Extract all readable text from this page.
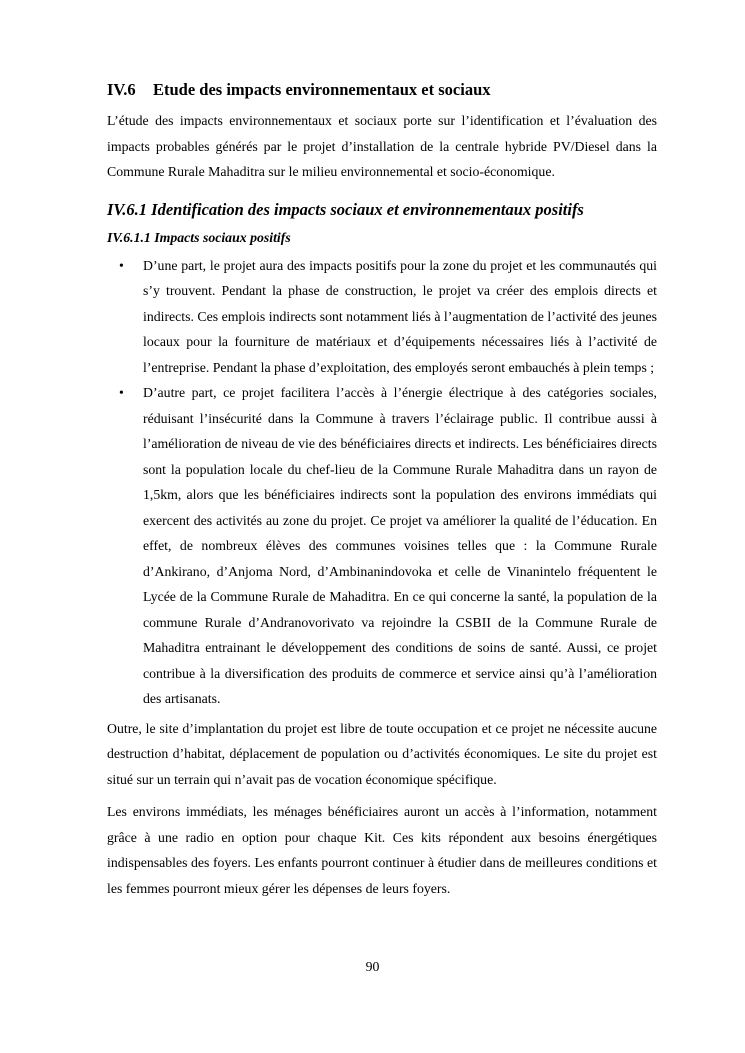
IV.6 Etude des impacts environnementaux et sociaux

L’étude des impacts environnementaux et sociaux porte sur l’identification et l’évaluation des impacts probables générés par le projet d’installation de la centrale hybride PV/Diesel dans la Commune Rurale Mahaditra sur le milieu environnemental et socio-économique.

IV.6.1 Identification des impacts sociaux et environnementaux positifs
IV.6.1.1 Impacts sociaux positifs
• D’une part, le projet aura des impacts positifs pour la zone du projet et les communautés qui s’y trouvent. Pendant la phase de construction, le projet va créer des emplois directs et indirects. Ces emplois indirects sont notamment liés à l’augmentation de l’activité des jeunes locaux pour la fourniture de matériaux et d’équipements nécessaires liés à l’activité de l’entreprise. Pendant la phase d’exploitation, des employés seront embauchés à plein temps ;

• D’autre part, ce projet facilitera l’accès à l’énergie électrique à des catégories sociales, réduisant l’insécurité dans la Commune à travers l’éclairage public. Il contribue aussi à l’amélioration de niveau de vie des bénéficiaires directs et indirects. Les bénéficiaires directs sont la population locale du chef-lieu de la Commune Rurale Mahaditra dans un rayon de 1,5km, alors que les bénéficiaires indirects sont la population des environs immédiats qui exercent des activités au zone du projet. Ce projet va améliorer la qualité de l’éducation. En effet, de nombreux élèves des communes voisines telles que : la Commune Rurale d’Ankirano, d’Anjoma Nord, d’Ambinanindovoka et celle de Vinanintelo fréquentent le Lycée de la Commune Rurale de Mahaditra. En ce qui concerne la santé, la population de la commune Rurale d’Andranovorivato va rejoindre la CSBII de la Commune Rurale de Mahaditra entrainant le développement des conditions de soins de santé. Aussi, ce projet contribue à la diversification des produits de commerce et service ainsi qu’à l’amélioration des artisanats.

Outre, le site d’implantation du projet est libre de toute occupation et ce projet ne nécessite aucune destruction d’habitat, déplacement de population ou d’activités économiques. Le site du projet est situé sur un terrain qui n’avait pas de vocation économique spécifique.

Les environs immédiats, les ménages bénéficiaires auront un accès à l’information, notamment grâce à une radio en option pour chaque Kit. Ces kits répondent aux besoins énergétiques indispensables des foyers. Les enfants pourront continuer à étudier dans de meilleures conditions et les femmes pourront mieux gérer les dépenses de leurs foyers.

90
